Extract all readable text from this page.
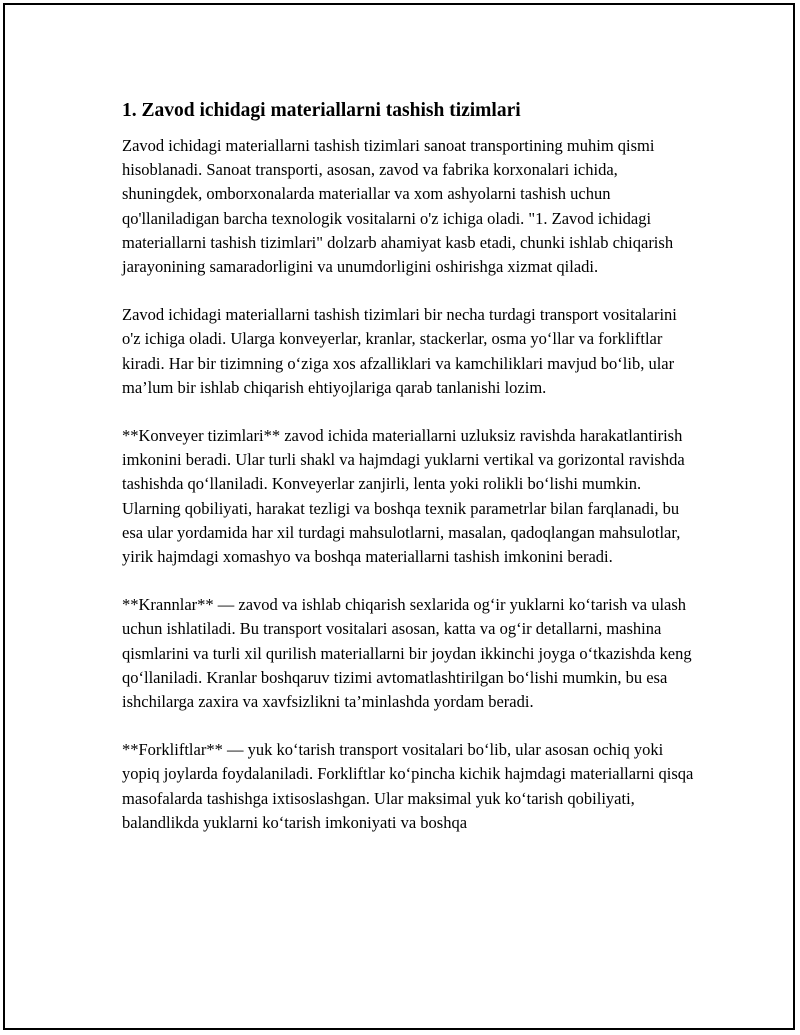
1. Zavod ichidagi materiallarni tashish tizimlari

Zavod ichidagi materiallarni tashish tizimlari sanoat transportining muhim qismi hisoblanadi. Sanoat transporti, asosan, zavod va fabrika korxonalari ichida, shuningdek, omborxonalarda materiallar va xom ashyolarni tashish uchun qo'llaniladigan barcha texnologik vositalarni o'z ichiga oladi. "1. Zavod ichidagi materiallarni tashish tizimlari" dolzarb ahamiyat kasb etadi, chunki ishlab chiqarish jarayonining samaradorligini va unumdorligini oshirishga xizmat qiladi.

Zavod ichidagi materiallarni tashish tizimlari bir necha turdagi transport vositalarini o'z ichiga oladi. Ularga konveyerlar, kranlar, stackerlar, osma yo‘llar va forkliftlar kiradi. Har bir tizimning o‘ziga xos afzalliklari va kamchiliklari mavjud bo‘lib, ular ma’lum bir ishlab chiqarish ehtiyojlariga qarab tanlanishi lozim.

**Konveyer tizimlari** zavod ichida materiallarni uzluksiz ravishda harakatlantirish imkonini beradi. Ular turli shakl va hajmdagi yuklarni vertikal va gorizontal ravishda tashishda qo‘llaniladi. Konveyerlar zanjirli, lenta yoki rolikli bo‘lishi mumkin. Ularning qobiliyati, harakat tezligi va boshqa texnik parametrlar bilan farqlanadi, bu esa ular yordamida har xil turdagi mahsulotlarni, masalan, qadoqlangan mahsulotlar, yirik hajmdagi xomashyo va boshqa materiallarni tashish imkonini beradi.

**Krannlar** — zavod va ishlab chiqarish sexlarida og‘ir yuklarni ko‘tarish va ulash uchun ishlatiladi. Bu transport vositalari asosan, katta va og‘ir detallarni, mashina qismlarini va turli xil qurilish materiallarni bir joydan ikkinchi joyga o‘tkazishda keng qo‘llaniladi. Kranlar boshqaruv tizimi avtomatlashtirilgan bo‘lishi mumkin, bu esa ishchilarga zaxira va xavfsizlikni ta’minlashda yordam beradi.

**Forkliftlar** — yuk ko‘tarish transport vositalari bo‘lib, ular asosan ochiq yoki yopiq joylarda foydalaniladi. Forkliftlar ko‘pincha kichik hajmdagi materiallarni qisqa masofalarda tashishga ixtisoslashgan. Ular maksimal yuk ko‘tarish qobiliyati, balandlikda yuklarni ko‘tarish imkoniyati va boshqa
